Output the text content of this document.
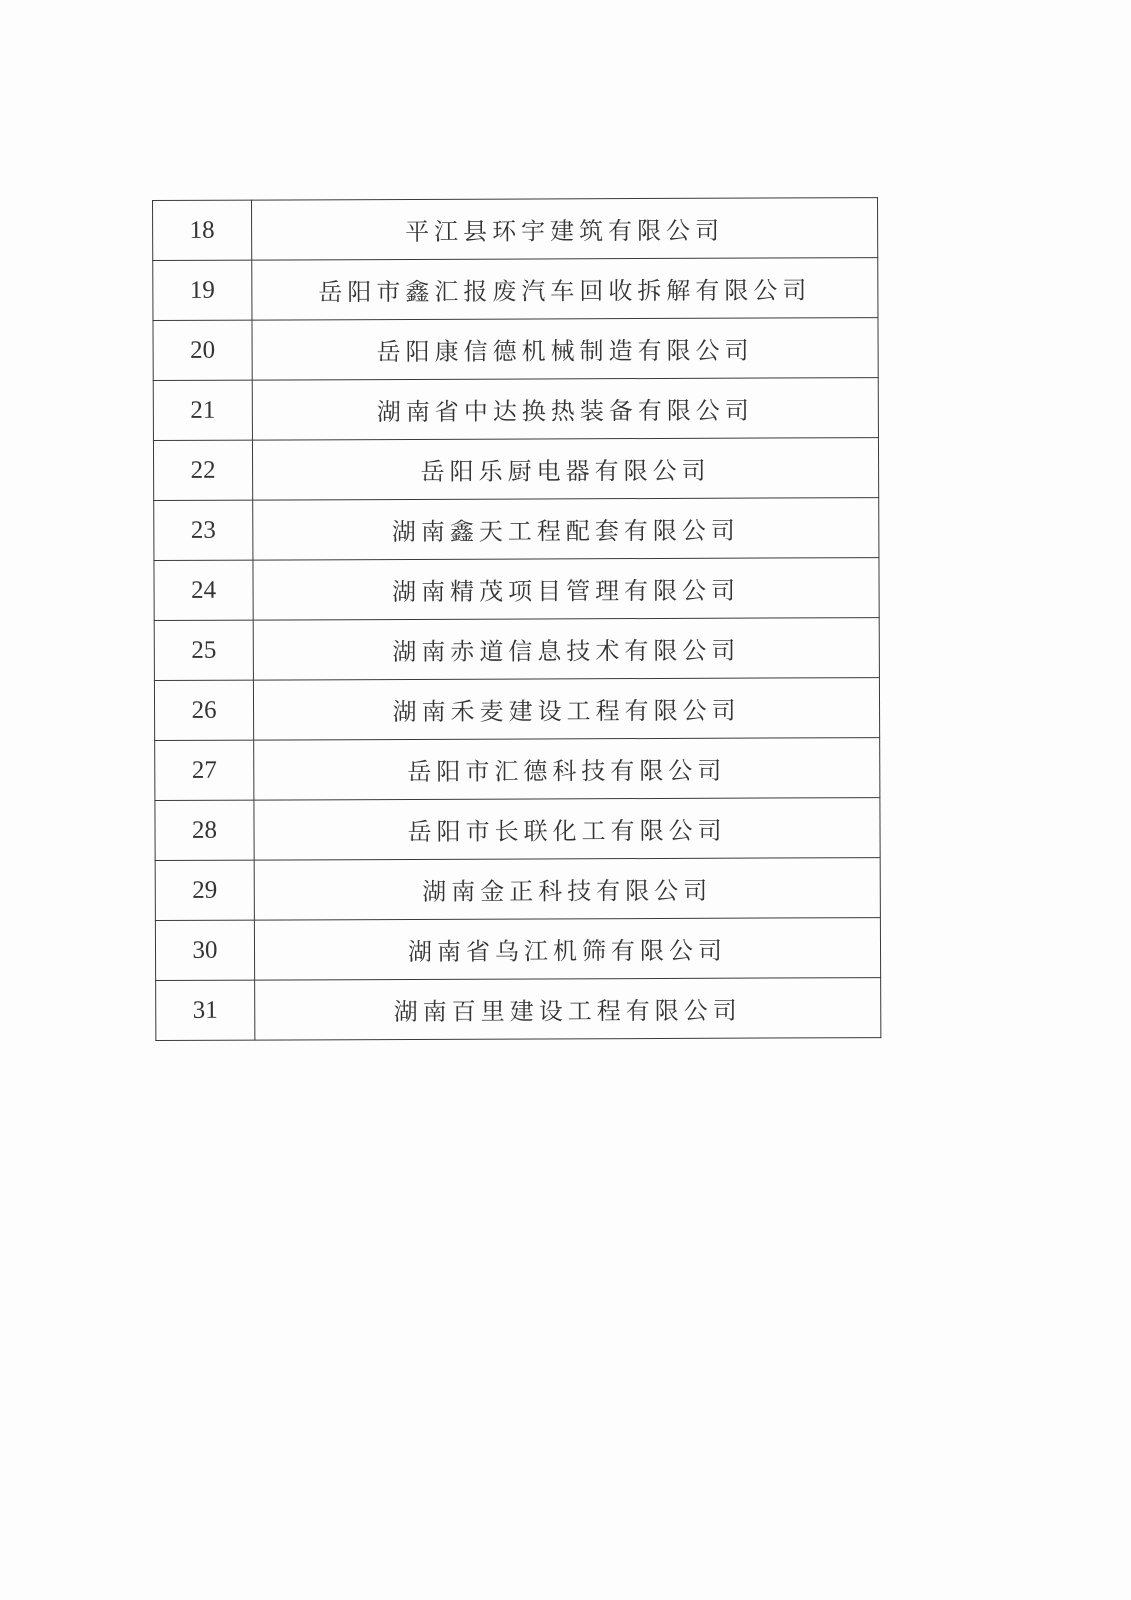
18	平江县环宇建筑有限公司
19	岳阳市鑫汇报废汽车回收拆解有限公司
20	岳阳康信德机械制造有限公司
21	湖南省中达换热装备有限公司
22	岳阳乐厨电器有限公司
23	湖南鑫天工程配套有限公司
24	湖南精茂项目管理有限公司
25	湖南赤道信息技术有限公司
26	湖南禾麦建设工程有限公司
27	岳阳市汇德科技有限公司
28	岳阳市长联化工有限公司
29	湖南金正科技有限公司
30	湖南省乌江机筛有限公司
31	湖南百里建设工程有限公司
